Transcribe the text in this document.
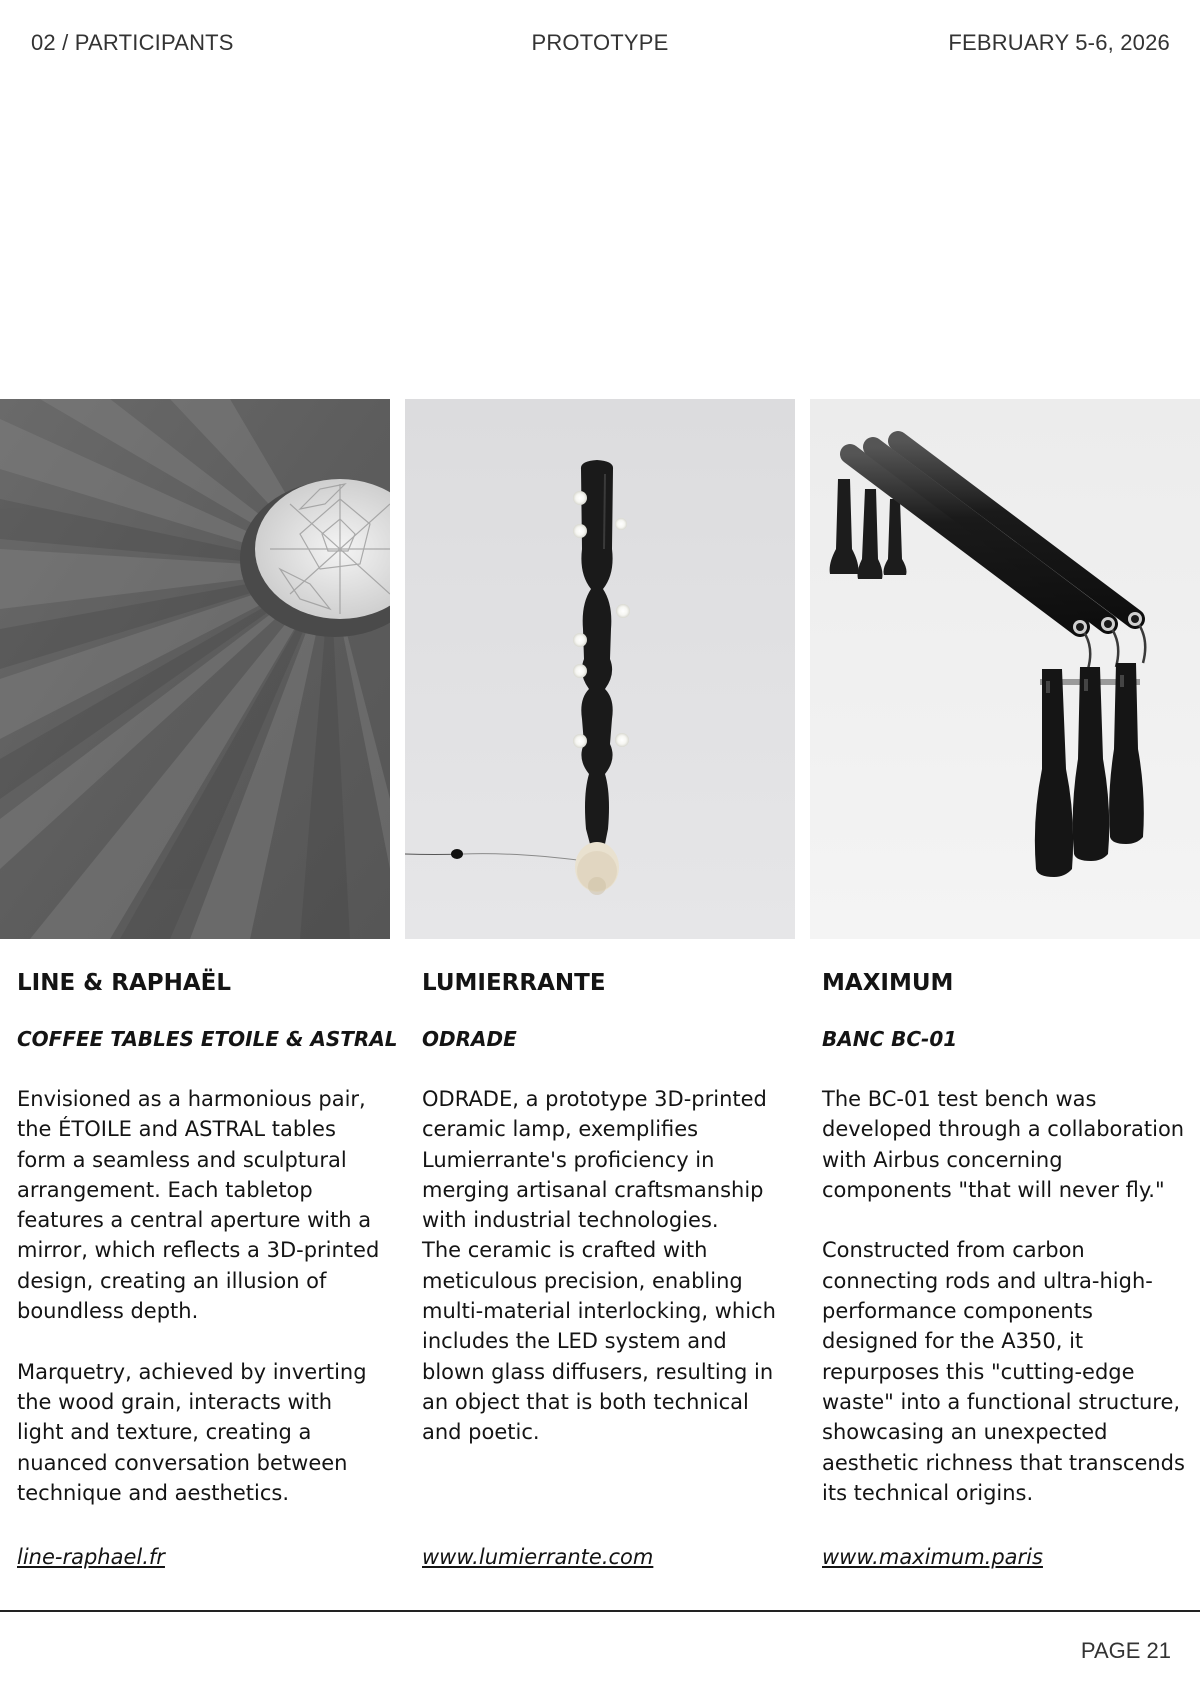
02 / PARTICIPANTS	PROTOTYPE	FEBRUARY 5-6, 2026
LINE & RAPHAËL
COFFEE TABLES ETOILE & ASTRAL
Envisioned as a harmonious pair,
the ÉTOILE and ASTRAL tables
form a seamless and sculptural
arrangement. Each tabletop
features a central aperture with a
mirror, which reflects a 3D-printed
design, creating an illusion of
boundless depth.
Marquetry, achieved by inverting
the wood grain, interacts with
light and texture, creating a
nuanced conversation between
technique and aesthetics.
line-raphael.fr
LUMIERRANTE
ODRADE
ODRADE, a prototype 3D-printed
ceramic lamp, exemplifies
Lumierrante's proficiency in
merging artisanal craftsmanship
with industrial technologies.
The ceramic is crafted with
meticulous precision, enabling
multi-material interlocking, which
includes the LED system and
blown glass diffusers, resulting in
an object that is both technical
and poetic.
www.lumierrante.com
MAXIMUM
BANC BC-01
The BC-01 test bench was
developed through a collaboration
with Airbus concerning
components "that will never fly."
Constructed from carbon
connecting rods and ultra-high-
performance components
designed for the A350, it
repurposes this "cutting-edge
waste" into a functional structure,
showcasing an unexpected
aesthetic richness that transcends
its technical origins.
www.maximum.paris
PAGE 21
